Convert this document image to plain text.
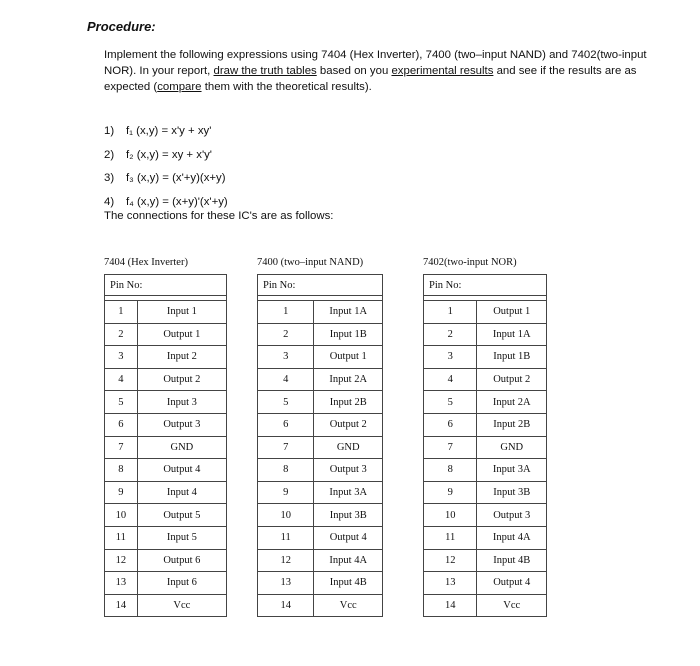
Procedure:
Implement the following expressions using 7404 (Hex Inverter), 7400 (two–input NAND) and 7402(two-input NOR). In your report, draw the truth tables based on you experimental results and see if the results are as expected (compare them with the theoretical results).
1) f₁ (x,y) = x'y + xy'
2) f₂ (x,y) = xy + x'y'
3) f₃ (x,y) = (x'+y)(x+y)
4) f₄ (x,y) = (x+y)'(x'+y)
The connections for these IC's are as follows:
7404 (Hex Inverter)
Pin No:	

1	Input 1
2	Output 1
3	Input 2
4	Output 2
5	Input 3
6	Output 3
7	GND
8	Output 4
9	Input 4
10	Output 5
11	Input 5
12	Output 6
13	Input 6
14	Vcc
7400 (two–input NAND)
Pin No:	

1	Input 1A
2	Input 1B
3	Output 1
4	Input 2A
5	Input 2B
6	Output 2
7	GND
8	Output 3
9	Input 3A
10	Input 3B
11	Output 4
12	Input 4A
13	Input 4B
14	Vcc
7402(two-input NOR)
Pin No:	

1	Output 1
2	Input 1A
3	Input 1B
4	Output 2
5	Input 2A
6	Input 2B
7	GND
8	Input 3A
9	Input 3B
10	Output 3
11	Input 4A
12	Input 4B
13	Output 4
14	Vcc
